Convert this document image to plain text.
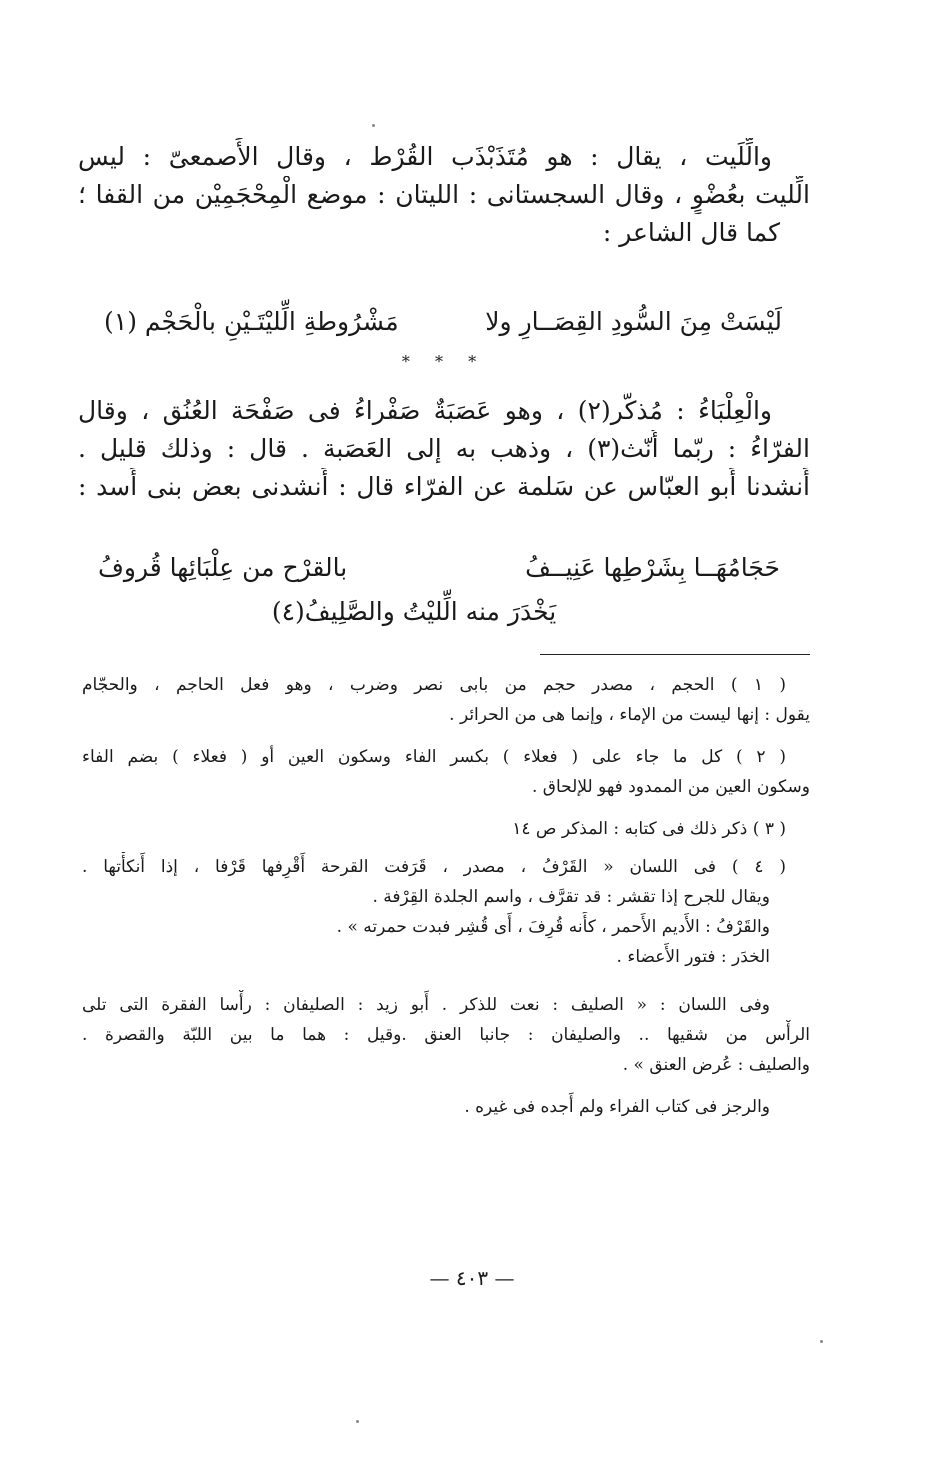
والِّلَيت ، يقال : هو مُتَذَبْذَب القُرْط ، وقال الأَصمعىّ : ليس
الِّليت بعُضْوٍ ، وقال السجستانى : الليتان : موضع الْمِحْجَمِيْن من القفا ؛
كما قال الشاعر :
لَيْسَتْ مِنَ السُّودِ القِصَــارِ ولا
مَشْرُوطةِ الِّليْتَـيْنِ بالْحَجْم (١)
* * *
والْعِلْبَاءُ : مُذكَّر(٢) ، وهو عَصَبَةٌ صَفْراءُ فى صَفْحَة العُنُق ، وقال
الفرّاءُ : ربّما أُنّث(٣) ، وذهب به إلى العَصَبة . قال : وذلك قليل .
أَنشدنا أَبو العبّاس عن سَلمة عن الفرّاء قال : أَنشدنى بعض بنى أَسد :
حَجَامُهَــا بِشَرْطِها عَنِيــفُ
بالقرْح من عِلْبَائِها قُروفُ
يَخْدَرَ منه الِّليْتُ والصَّلِيفُ(٤)
( ١ ) الحجم ، مصدر حجم من بابى نصر وضرب ، وهو فعل الحاجم ، والحجّام
يقول : إنها ليست من الإماء ، وإنما هى من الحرائر .
( ٢ ) كل ما جاء على ( فعلاء ) بكسر الفاء وسكون العين أو ( فعلاء ) بضم الفاء
وسكون العين من الممدود فهو للإلحاق .
( ٣ ) ذكر ذلك فى كتابه : المذكر ص ١٤
( ٤ ) فى اللسان « القَرْفُ ، مصدر ، قَرَفت القرحة أَقْرِفها قَرْفا ، إذا أَنكأْتها .
ويقال للجرح إذا تقشر : قد تقرَّف ، واسم الجلدة القِرْفة .
والقَرْفُ : الأَديم الأَحمر ، كأَنه قُرِفَ ، أَى قُشِر فبدت حمرته » .
الخدَر : فتور الأَعضاء .
وفى اللسان : « الصليف : نعت للذكر . أَبو زيد : الصليفان : رأْسا الفقرة التى تلى
الرأْس من شقيها .. والصليفان : جانبا العنق .وقيل : هما ما بين اللبّة والقصرة .
والصليف : عُرض العنق » .
والرجز فى كتاب الفراء ولم أَجده فى غيره .
— ٤٠٣ —
